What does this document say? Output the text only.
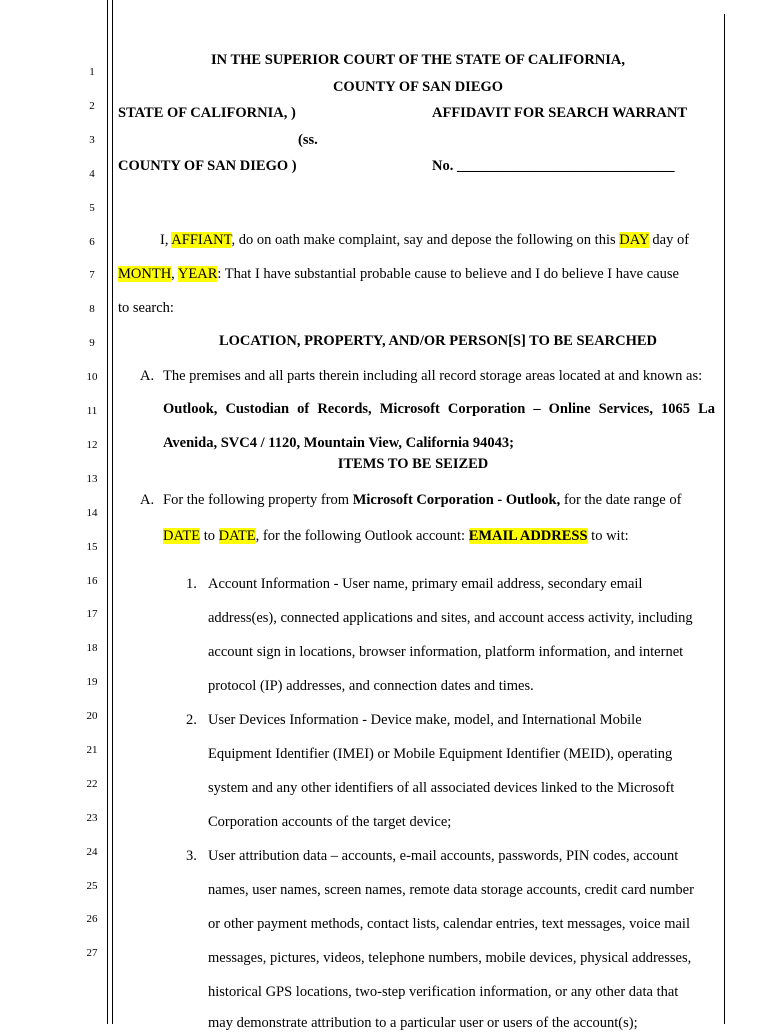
1
2
3
4
5
6
7
8
9
10
11
12
13
14
15
16
17
18
19
20
21
22
23
24
25
26
27
IN THE SUPERIOR COURT OF THE STATE OF CALIFORNIA,
COUNTY OF SAN DIEGO
STATE OF CALIFORNIA, )	AFFIDAVIT FOR SEARCH WARRANT
(ss.
COUNTY OF SAN DIEGO )	No. ______________________________
I, AFFIANT, do on oath make complaint, say and depose the following on this DAY day of
MONTH, YEAR: That I have substantial probable cause to believe and I do believe I have cause
to search:
LOCATION, PROPERTY, AND/OR PERSON[S] TO BE SEARCHED
A. The premises and all parts therein including all record storage areas located at and known as:
Outlook, Custodian of Records, Microsoft Corporation – Online Services, 1065 La
Avenida, SVC4 / 1120, Mountain View, California 94043;
ITEMS TO BE SEIZED
A. For the following property from Microsoft Corporation - Outlook, for the date range of
DATE to DATE, for the following Outlook account: EMAIL ADDRESS to wit:
1. Account Information - User name, primary email address, secondary email
address(es), connected applications and sites, and account access activity, including
account sign in locations, browser information, platform information, and internet
protocol (IP) addresses, and connection dates and times.
2. User Devices Information - Device make, model, and International Mobile
Equipment Identifier (IMEI) or Mobile Equipment Identifier (MEID), operating
system and any other identifiers of all associated devices linked to the Microsoft
Corporation accounts of the target device;
3. User attribution data – accounts, e-mail accounts, passwords, PIN codes, account
names, user names, screen names, remote data storage accounts, credit card number
or other payment methods, contact lists, calendar entries, text messages, voice mail
messages, pictures, videos, telephone numbers, mobile devices, physical addresses,
historical GPS locations, two-step verification information, or any other data that
may demonstrate attribution to a particular user or users of the account(s);
